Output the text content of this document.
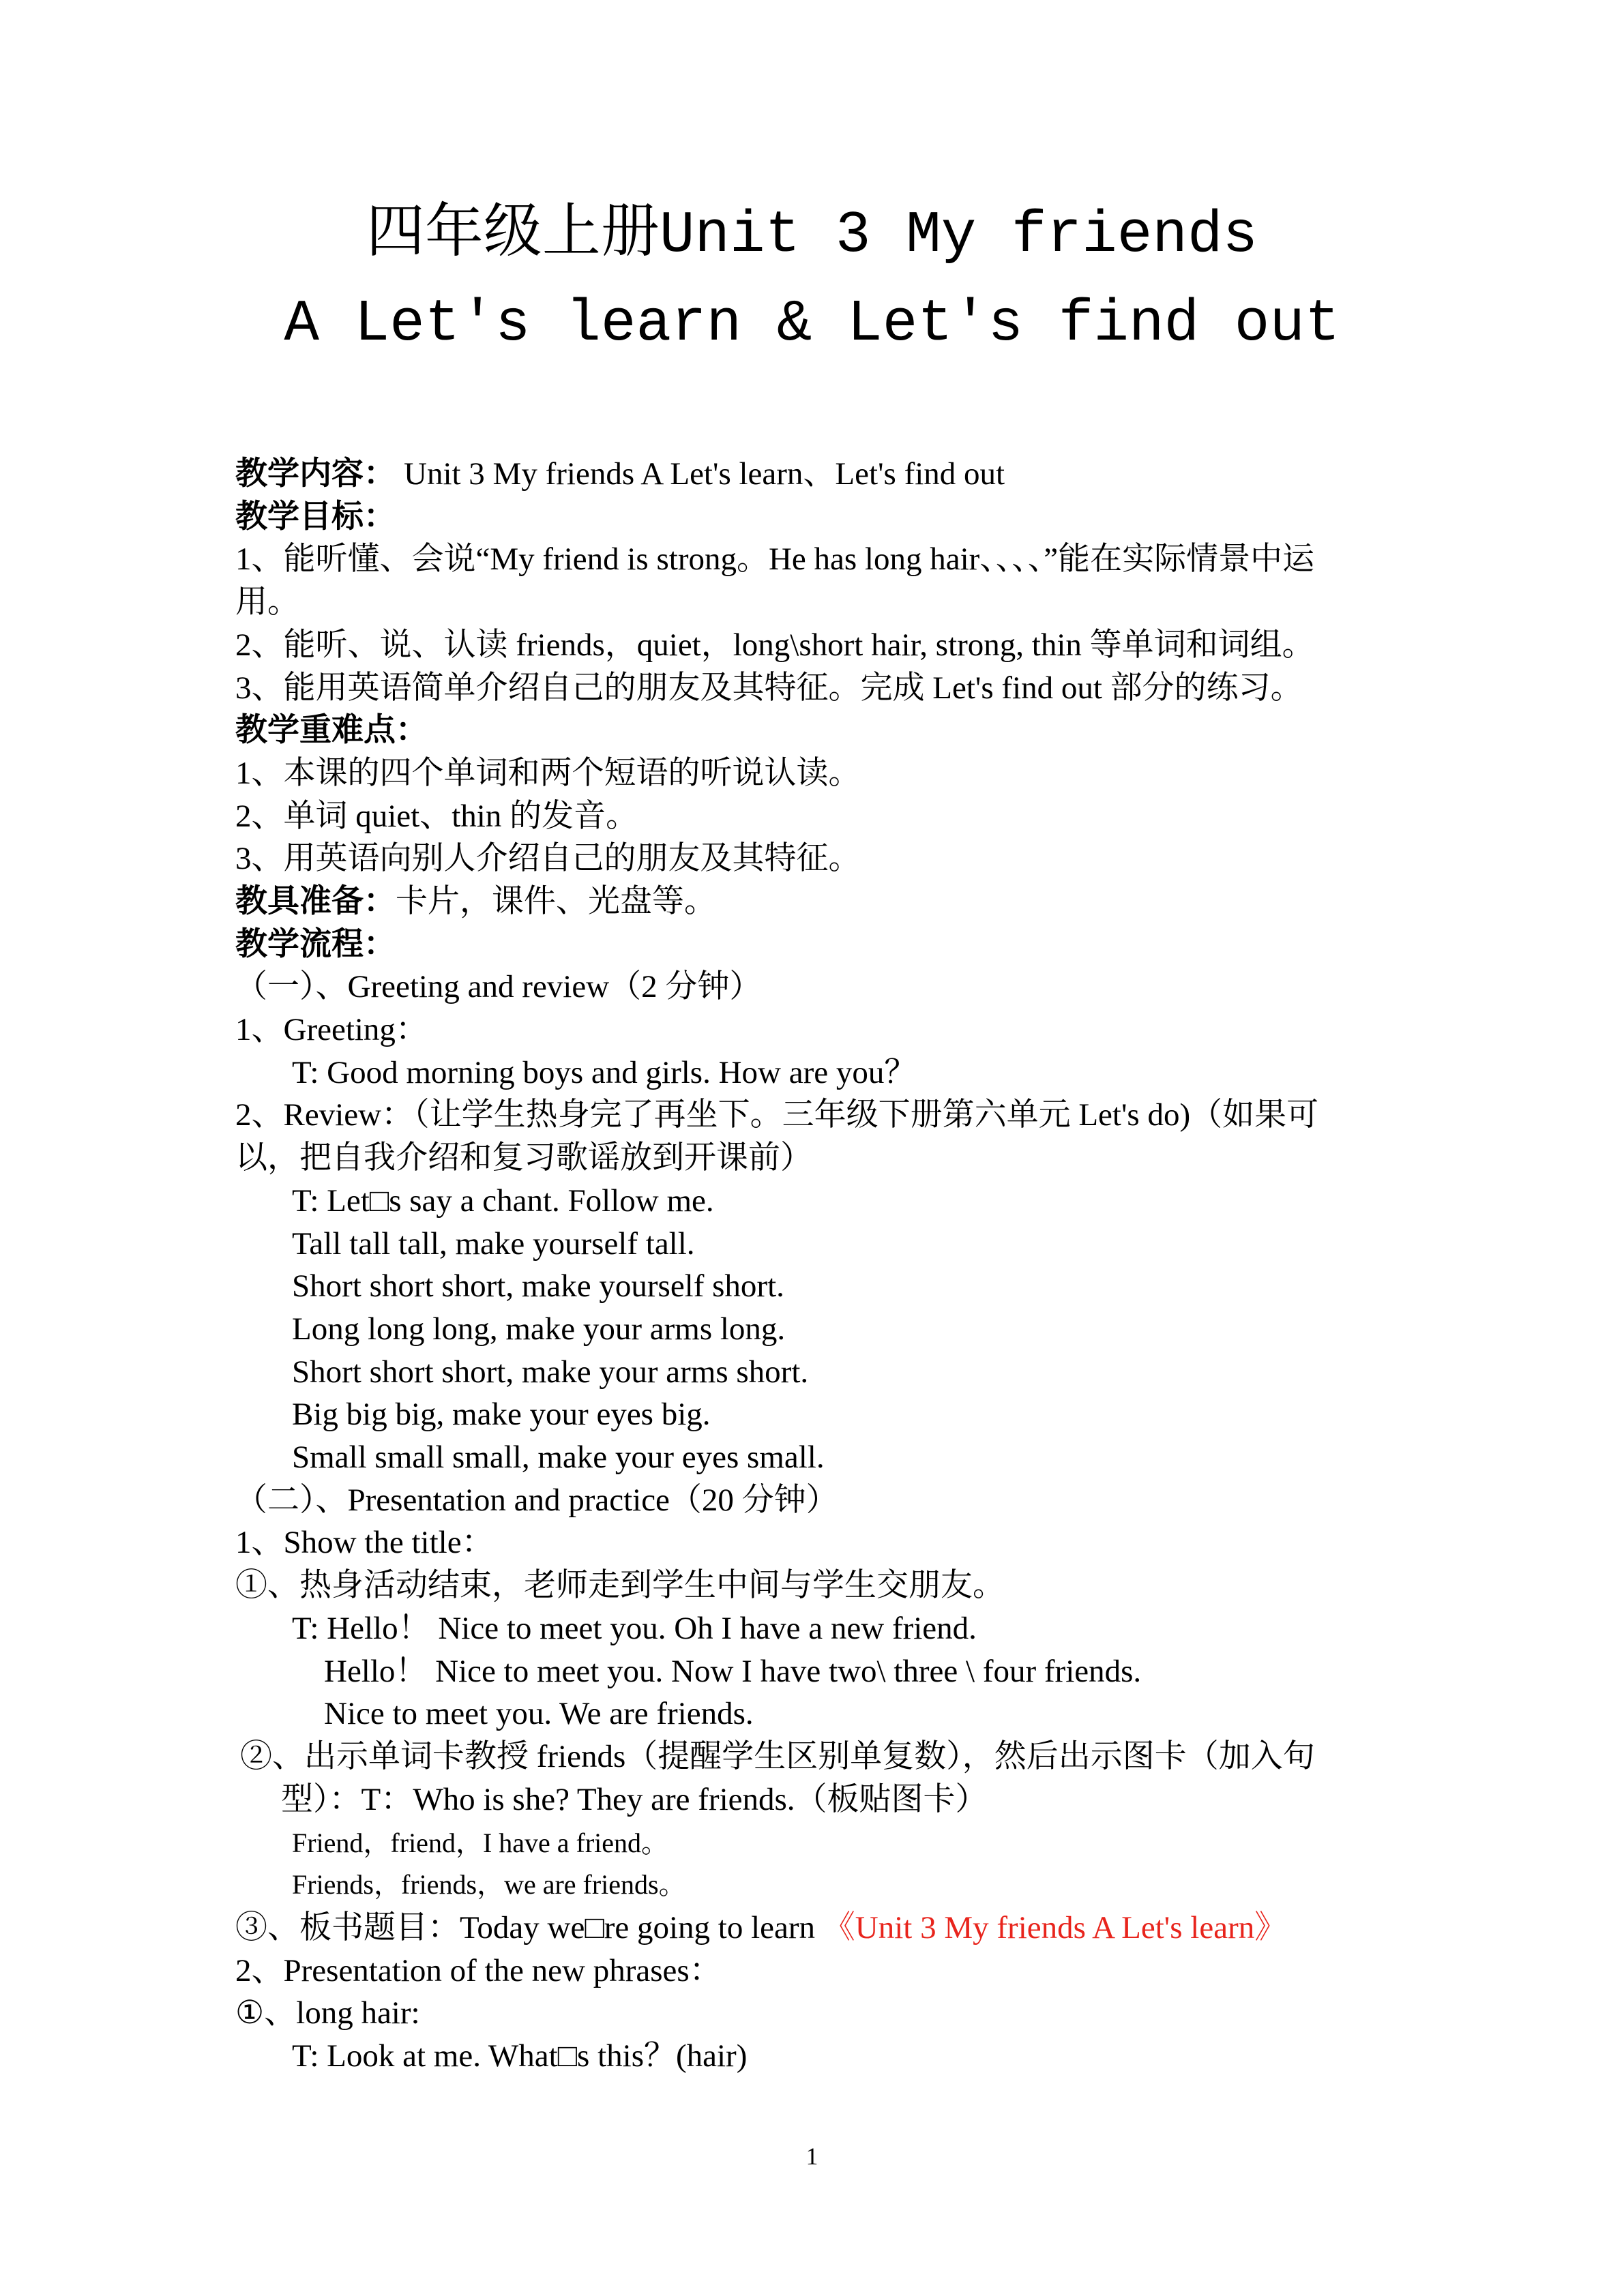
四年级上册Unit 3 My friends
A Let's learn & Let's find out
教学内容： Unit 3 My friends A Let's learn、Let's find out
教学目标：
1、能听懂、会说“My friend is strong。He has long hair、、、、”能在实际情景中运
用。
2、能听、说、认读 friends，quiet，long\short hair, strong, thin 等单词和词组。
3、能用英语简单介绍自己的朋友及其特征。完成 Let's find out 部分的练习。
教学重难点：
1、本课的四个单词和两个短语的听说认读。
2、单词 quiet、thin 的发音。
3、用英语向别人介绍自己的朋友及其特征。
教具准备：卡片，课件、光盘等。
教学流程：
（一）、Greeting and review（2 分钟）
1、Greeting：
T: Good morning boys and girls. How are you？
2、Review：（让学生热身完了再坐下。三年级下册第六单元 Let's do)（如果可
以，把自我介绍和复习歌谣放到开课前）
T: Let□s say a chant. Follow me.
Tall tall tall, make yourself tall.
Short short short, make yourself short.
Long long long, make your arms long.
Short short short, make your arms short.
Big big big, make your eyes big.
Small small small, make your eyes small.
（二）、Presentation and practice（20 分钟）
1、Show the title：
①、热身活动结束，老师走到学生中间与学生交朋友。
T: Hello！ Nice to meet you. Oh I have a new friend.
Hello！ Nice to meet you. Now I have two\ three \ four friends.
Nice to meet you. We are friends.
②、出示单词卡教授 friends（提醒学生区别单复数），然后出示图卡（加入句
型）：T：Who is she? They are friends.（板贴图卡）
Friend，friend，I have a friend。
Friends，friends，we are friends。
③、板书题目：Today we□re going to learn 《Unit 3 My friends A Let's learn》
2、Presentation of the new phrases：
①、long hair:
T: Look at me. What□s this？(hair)
1
